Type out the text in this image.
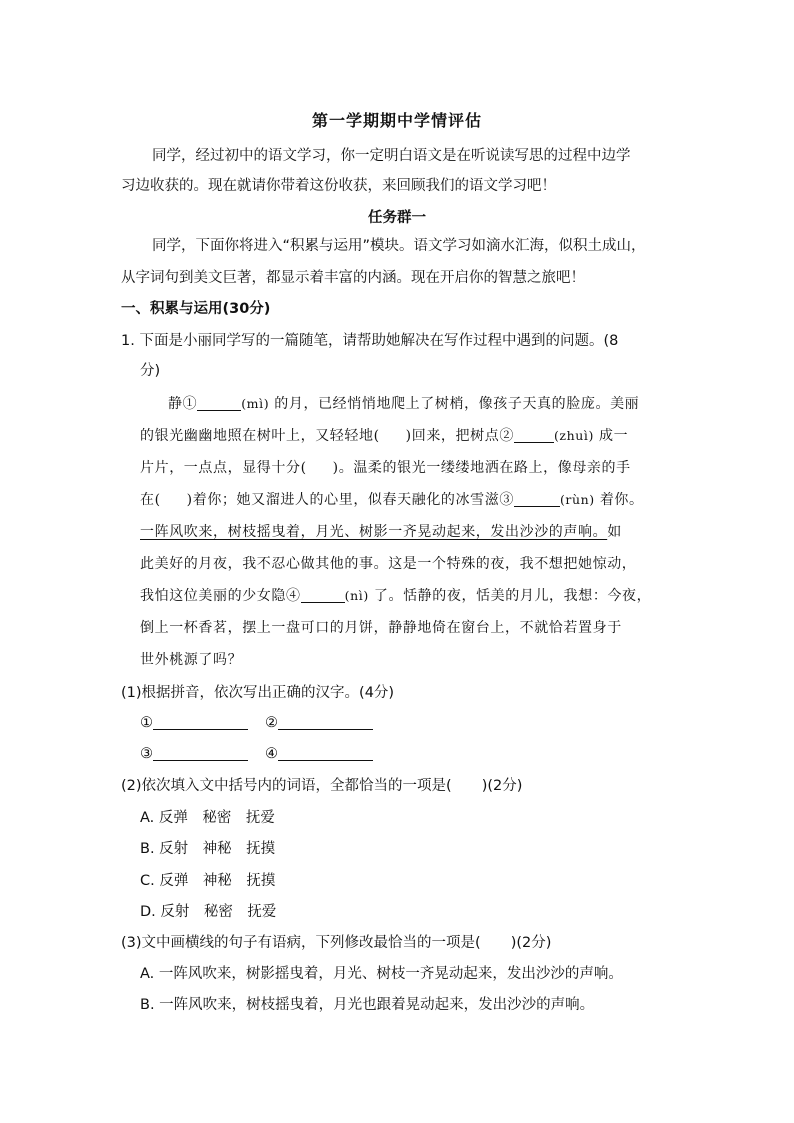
第一学期期中学情评估
同学，经过初中的语文学习，你一定明白语文是在听说读写思的过程中边学
习边收获的。现在就请你带着这份收获，来回顾我们的语文学习吧！
任务群一
同学，下面你将进入“积累与运用”模块。语文学习如滴水汇海，似积土成山，
从字词句到美文巨著，都显示着丰富的内涵。现在开启你的智慧之旅吧！
一、积累与运用(30分)
1. 下面是小丽同学写的一篇随笔，请帮助她解决在写作过程中遇到的问题。(8
分)
静①	(mì) 的月，已经悄悄地爬上了树梢，像孩子天真的脸庞。美丽
的银光幽幽地照在树叶上，又轻轻地( )回来，把树点②	(zhuì) 成一
片片，一点点，显得十分( )。温柔的银光一缕缕地洒在路上，像母亲的手
在( )着你；她又溜进人的心里，似春天融化的冰雪滋③	(rùn) 着你。
一阵风吹来，树枝摇曳着，月光、树影一齐晃动起来，发出沙沙的声响。如
此美好的月夜，我不忍心做其他的事。这是一个特殊的夜，我不想把她惊动，
我怕这位美丽的少女隐④	(nì) 了。恬静的夜，恬美的月儿，我想：今夜，
倒上一杯香茗，摆上一盘可口的月饼，静静地倚在窗台上，不就恰若置身于
世外桃源了吗？
(1)根据拼音，依次写出正确的汉字。(4分)
①	②
③	④
(2)依次填入文中括号内的词语，全都恰当的一项是( )(2分)
A. 反弹　秘密　抚爱
B. 反射　神秘　抚摸
C. 反弹　神秘　抚摸
D. 反射　秘密　抚爱
(3)文中画横线的句子有语病，下列修改最恰当的一项是( )(2分)
A. 一阵风吹来，树影摇曳着，月光、树枝一齐晃动起来，发出沙沙的声响。
B. 一阵风吹来，树枝摇曳着，月光也跟着晃动起来，发出沙沙的声响。
